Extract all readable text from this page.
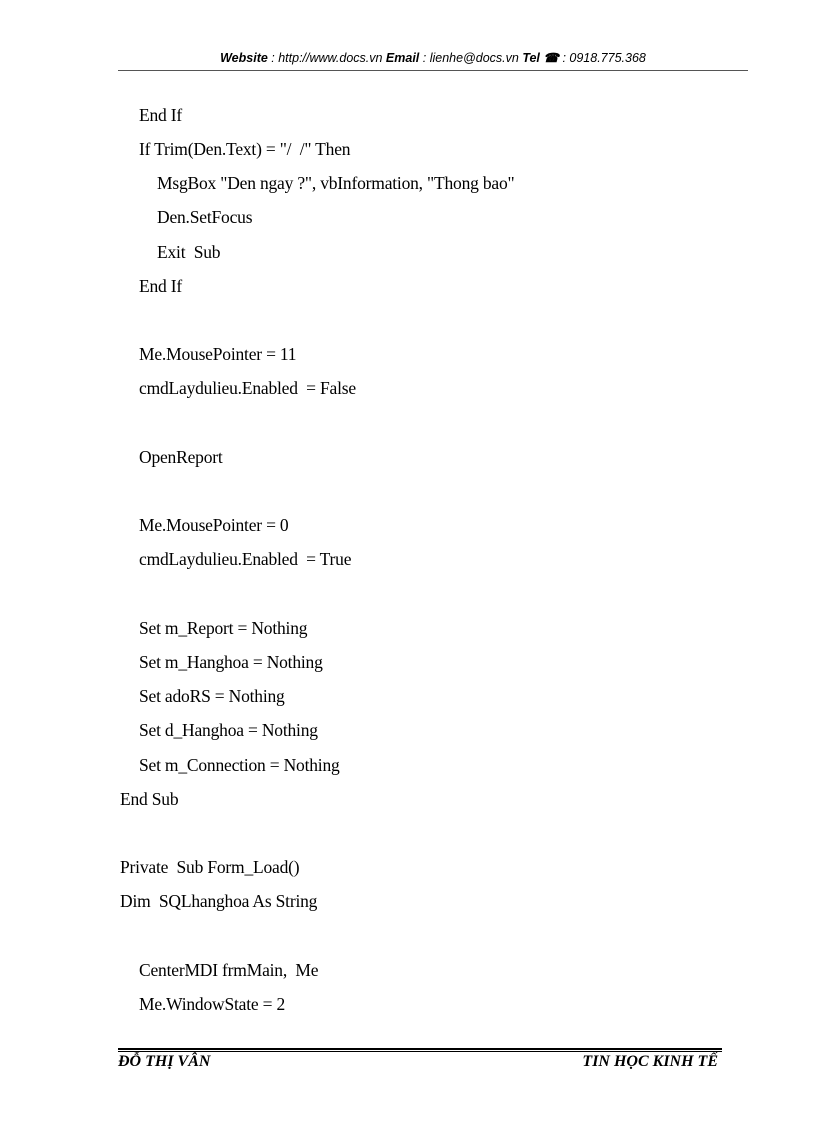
Website : http://www.docs.vn Email : lienhe@docs.vn Tel ☎ : 0918.775.368
End If
If Trim(Den.Text) = "/  /" Then
MsgBox "Den ngay ?", vbInformation, "Thong bao"
Den.SetFocus
Exit  Sub
End If
Me.MousePointer = 11
cmdLaydulieu.Enabled  = False
OpenReport
Me.MousePointer = 0
cmdLaydulieu.Enabled  = True
Set m_Report = Nothing
Set m_Hanghoa = Nothing
Set adoRS = Nothing
Set d_Hanghoa = Nothing
Set m_Connection = Nothing
End Sub
Private  Sub Form_Load()
Dim  SQLhanghoa As String
CenterMDI frmMain,  Me
Me.WindowState = 2
ĐỖ THỊ VÂN	TIN HỌC KINH TẾ
